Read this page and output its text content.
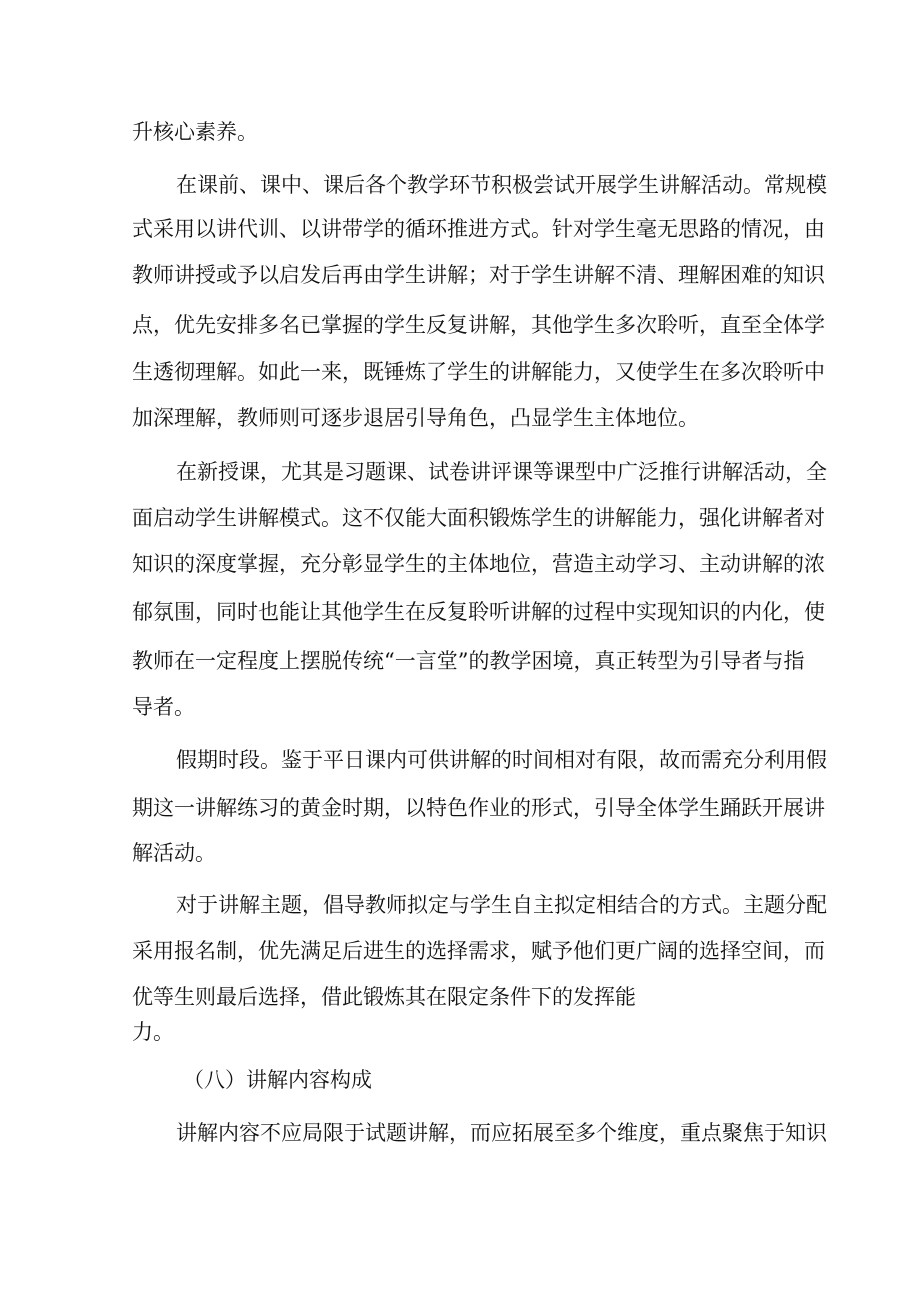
升核心素养。
在课前、课中、课后各个教学环节积极尝试开展学生讲解活动。常规模
式采用以讲代训、以讲带学的循环推进方式。针对学生毫无思路的情况，由
教师讲授或予以启发后再由学生讲解；对于学生讲解不清、理解困难的知识
点，优先安排多名已掌握的学生反复讲解，其他学生多次聆听，直至全体学
生透彻理解。如此一来，既锤炼了学生的讲解能力，又使学生在多次聆听中
加深理解，教师则可逐步退居引导角色，凸显学生主体地位。
在新授课，尤其是习题课、试卷讲评课等课型中广泛推行讲解活动，全
面启动学生讲解模式。这不仅能大面积锻炼学生的讲解能力，强化讲解者对
知识的深度掌握，充分彰显学生的主体地位，营造主动学习、主动讲解的浓
郁氛围，同时也能让其他学生在反复聆听讲解的过程中实现知识的内化，使
教师在一定程度上摆脱传统“一言堂”的教学困境，真正转型为引导者与指
导者。
假期时段。鉴于平日课内可供讲解的时间相对有限，故而需充分利用假
期这一讲解练习的黄金时期，以特色作业的形式，引导全体学生踊跃开展讲
解活动。
对于讲解主题，倡导教师拟定与学生自主拟定相结合的方式。主题分配
采用报名制，优先满足后进生的选择需求，赋予他们更广阔的选择空间，而
优等生则最后选择，借此锻炼其在限定条件下的发挥能
力。
（八）讲解内容构成
讲解内容不应局限于试题讲解，而应拓展至多个维度，重点聚焦于知识
